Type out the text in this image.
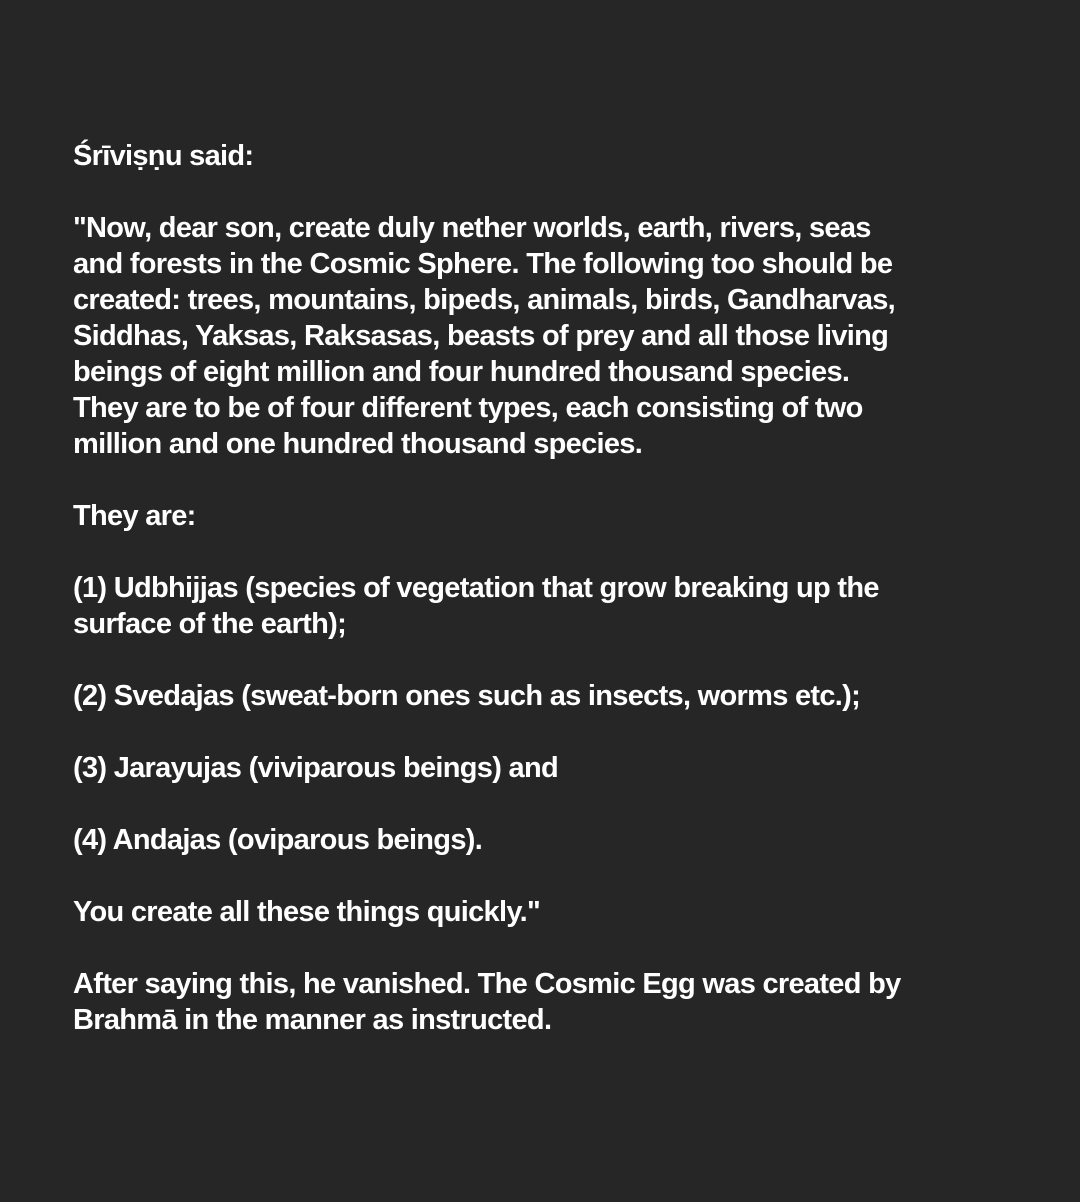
Śrīviṣṇu said:

"Now, dear son, create duly nether worlds, earth, rivers, seas
and forests in the Cosmic Sphere. The following too should be
created: trees, mountains, bipeds, animals, birds, Gandharvas,
Siddhas, Yaksas, Raksasas, beasts of prey and all those living
beings of eight million and four hundred thousand species.
They are to be of four different types, each consisting of two
million and one hundred thousand species.

They are:

(1) Udbhijjas (species of vegetation that grow breaking up the
surface of the earth);

(2) Svedajas (sweat-born ones such as insects, worms etc.);

(3) Jarayujas (viviparous beings) and

(4) Andajas (oviparous beings).

You create all these things quickly."

After saying this, he vanished. The Cosmic Egg was created by
Brahmā in the manner as instructed.
